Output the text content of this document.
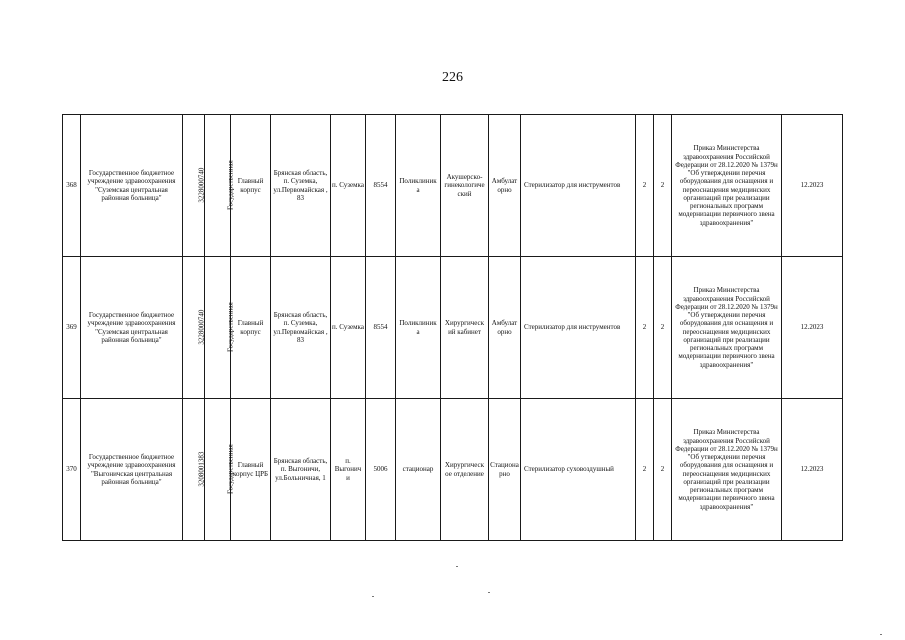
226
368	Государственное бюджетное учреждение здравоохранения "Суземская центральная районная больница"	3228000740	Государственная	Главный корпус	Брянская область, п. Суземка, ул.Первомайская , 83	п. Суземка	8554	Поликлиник а	Акушерско-гинекологиче ский	Амбулат орно	Стерилизатор для инструментов	2	2	Приказ Министерства здравоохранения Российской Федерации от 28.12.2020 № 1379н "Об утверждении перечня оборудования для оснащения и переоснащения медицинских организаций при реализации региональных программ модернизации первичного звена здравоохранения"	12.2023
369	Государственное бюджетное учреждение здравоохранения "Суземская центральная районная больница"	3228000740	Государственная	Главный корпус	Брянская область, п. Суземка, ул.Первомайская , 83	п. Суземка	8554	Поликлиник а	Хирургическ ий кабинет	Амбулат орно	Стерилизатор для инструментов	2	2	Приказ Министерства здравоохранения Российской Федерации от 28.12.2020 № 1379н "Об утверждении перечня оборудования для оснащения и переоснащения медицинских организаций при реализации региональных программ модернизации первичного звена здравоохранения"	12.2023
370	Государственное бюджетное учреждение здравоохранения "Выгоничская центральная районная больница"	3208001383	Государственная	Главный корпус ЦРБ	Брянская область, п. Выгоничи, ул.Больничная, 1	п. Выгонич и	5006	стационар	Хирургическ ое отделение	Стациона рно	Стерилизатор суховоздушный	2	2	Приказ Министерства здравоохранения Российской Федерации от 28.12.2020 № 1379н "Об утверждении перечня оборудования для оснащения и переоснащения медицинских организаций при реализации региональных программ модернизации первичного звена здравоохранения"	12.2023
